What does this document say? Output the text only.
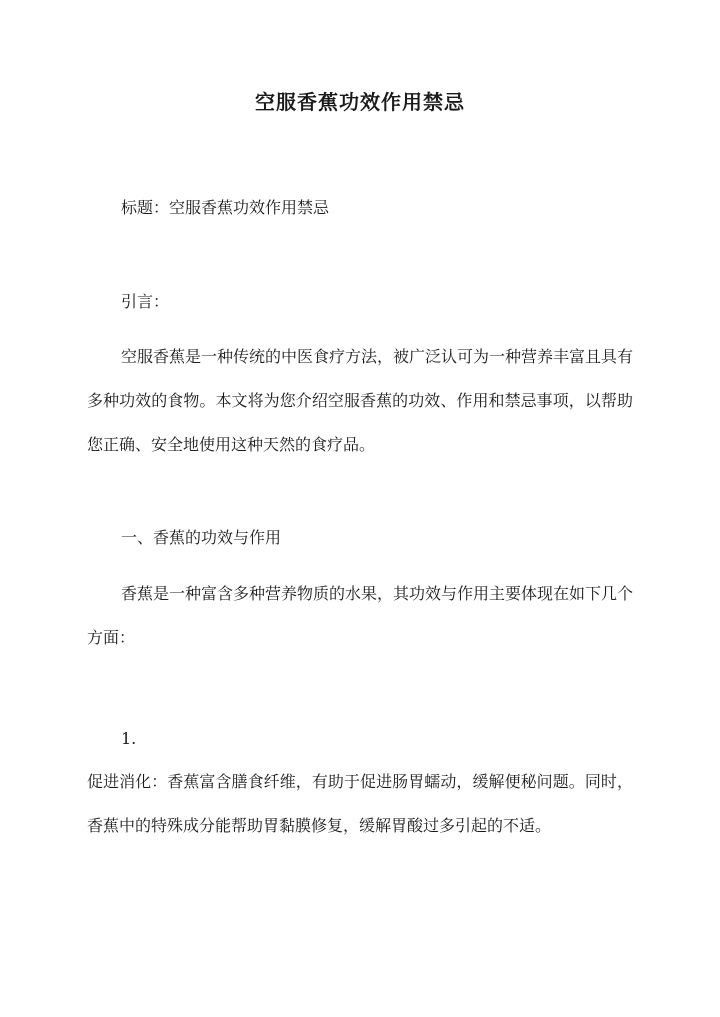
空服香蕉功效作用禁忌
标题：空服香蕉功效作用禁忌
引言：
空服香蕉是一种传统的中医食疗方法，被广泛认可为一种营养丰富且具有多种功效的食物。本文将为您介绍空服香蕉的功效、作用和禁忌事项，以帮助您正确、安全地使用这种天然的食疗品。
一、香蕉的功效与作用
香蕉是一种富含多种营养物质的水果，其功效与作用主要体现在如下几个方面：
1.
促进消化：香蕉富含膳食纤维，有助于促进肠胃蠕动，缓解便秘问题。同时，香蕉中的特殊成分能帮助胃黏膜修复，缓解胃酸过多引起的不适。
